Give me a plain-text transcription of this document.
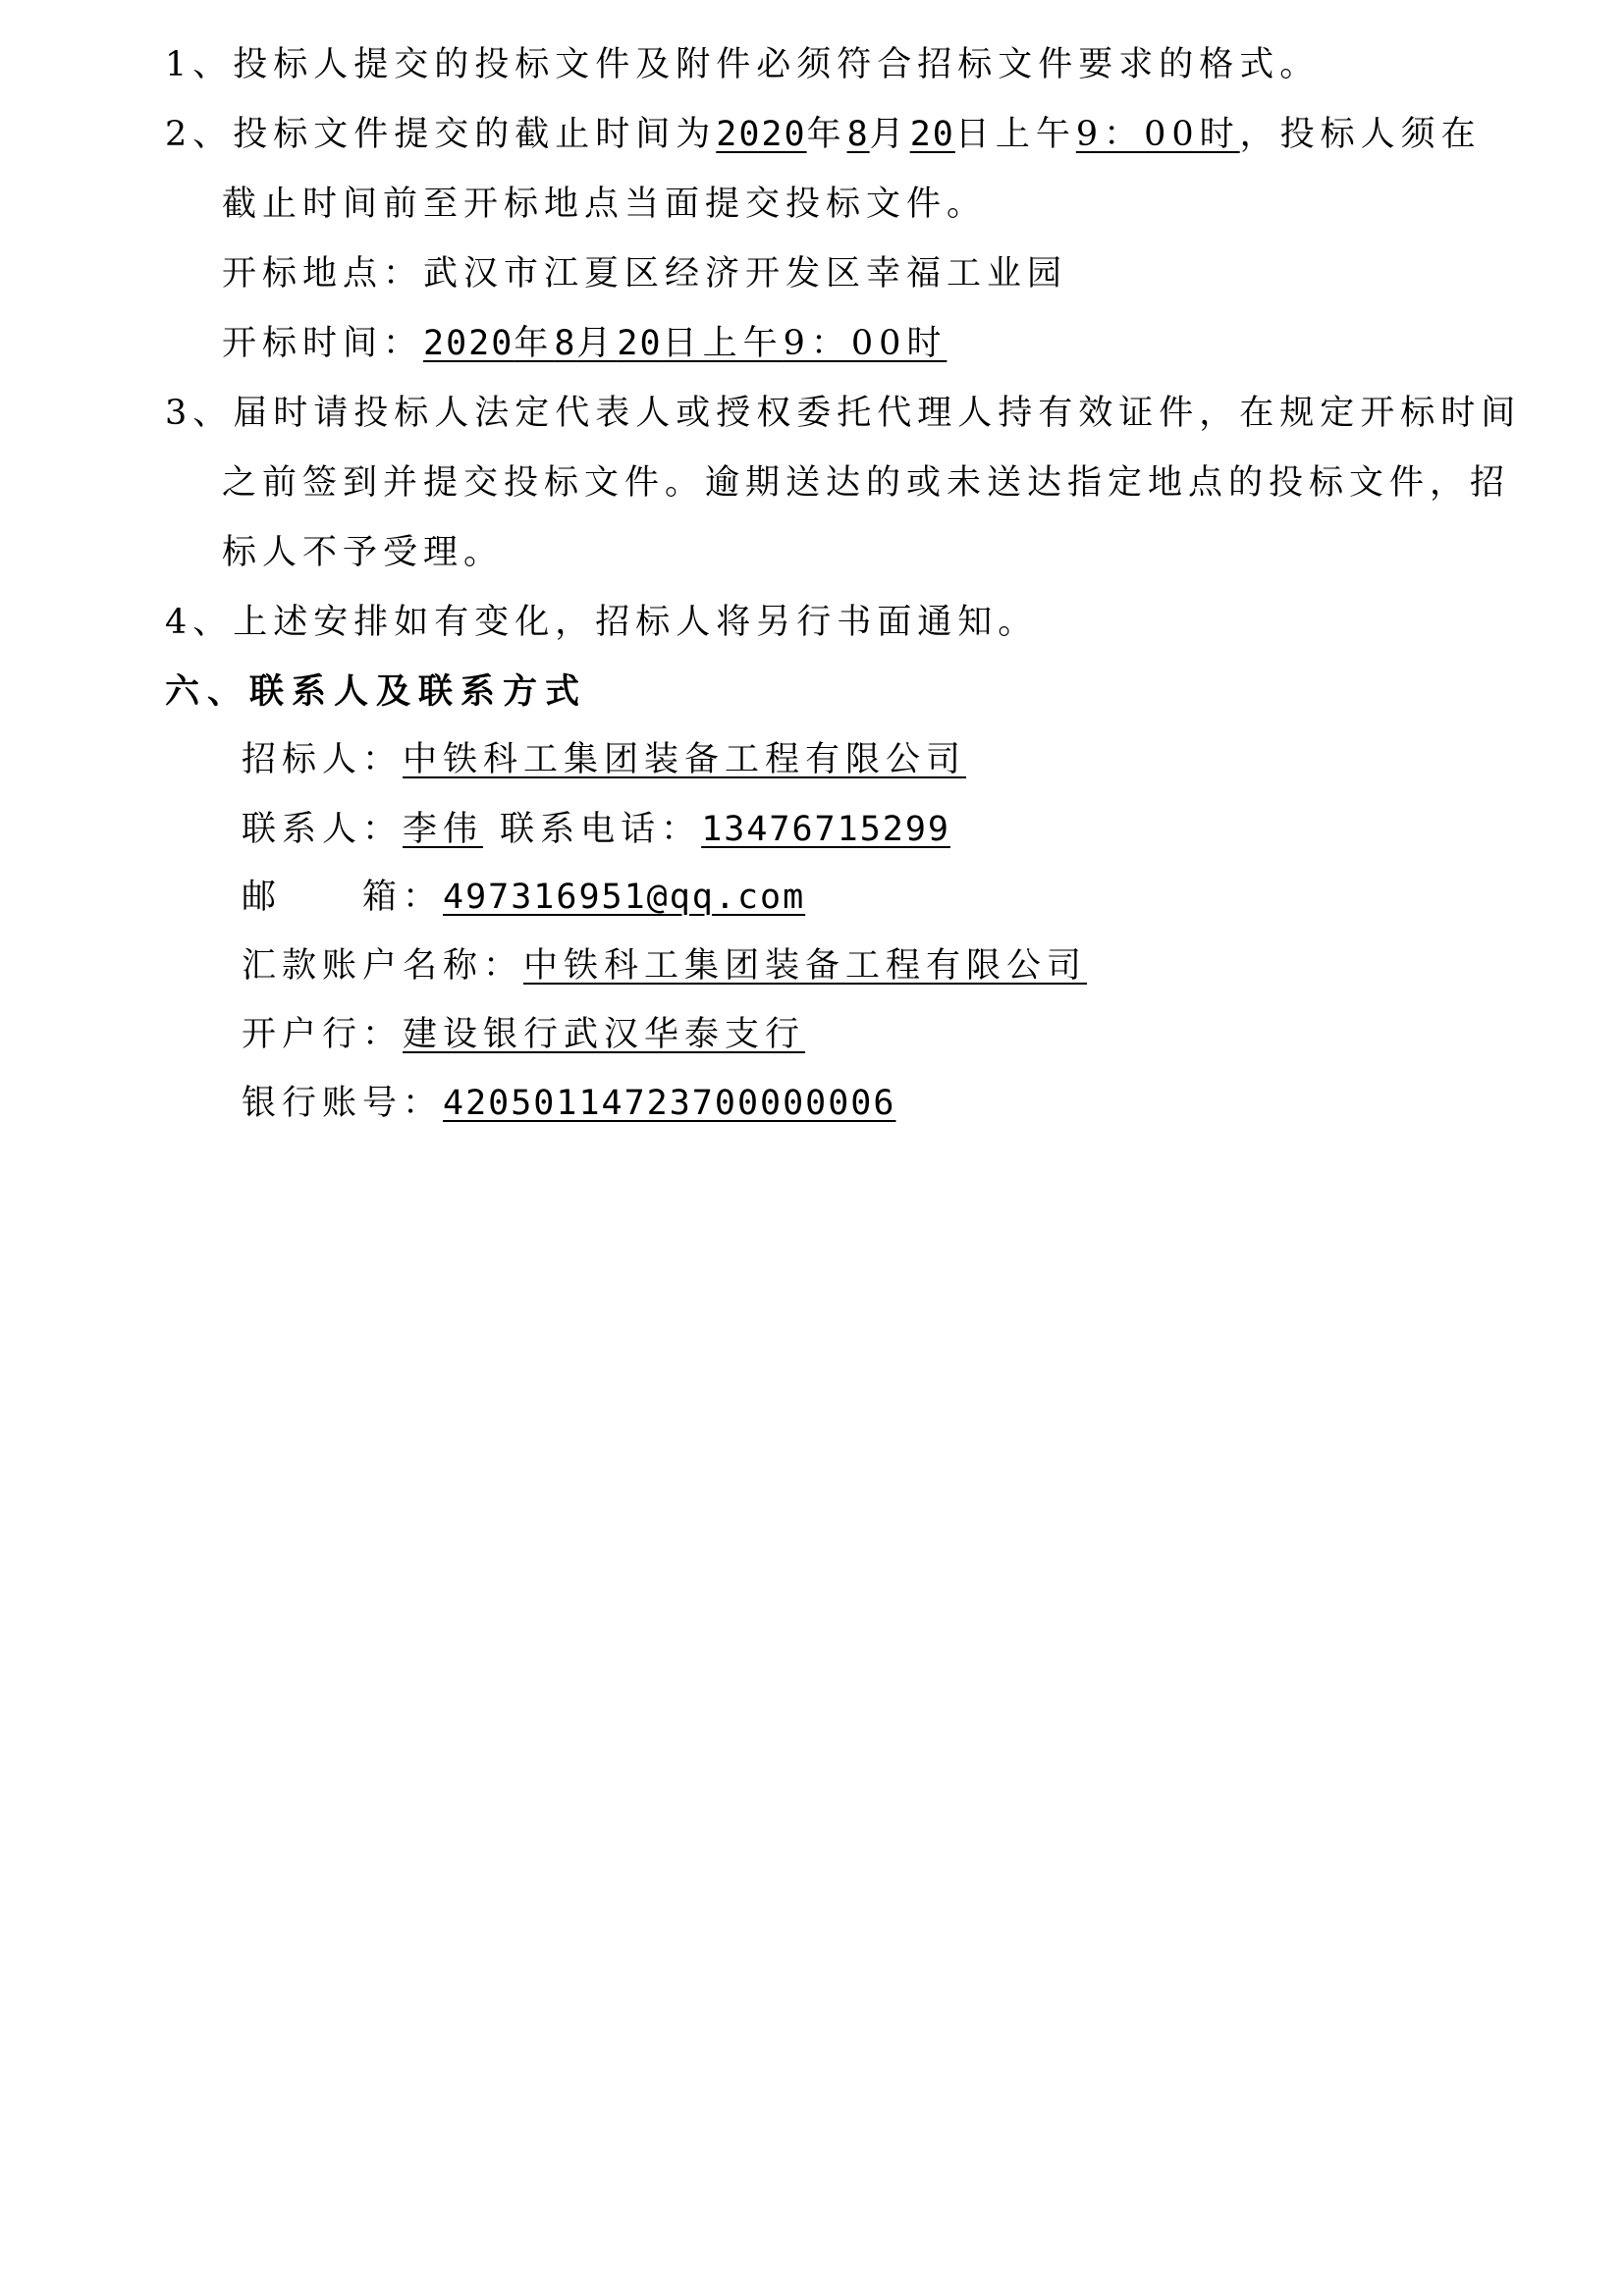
1、投标人提交的投标文件及附件必须符合招标文件要求的格式。
2、投标文件提交的截止时间为2020年8月20日上午9：00时，投标人须在
截止时间前至开标地点当面提交投标文件。
开标地点：武汉市江夏区经济开发区幸福工业园
开标时间：2020年8月20日上午9：00时
3、届时请投标人法定代表人或授权委托代理人持有效证件，在规定开标时间
之前签到并提交投标文件。逾期送达的或未送达指定地点的投标文件，招
标人不予受理。
4、上述安排如有变化，招标人将另行书面通知。
六、联系人及联系方式
招标人：中铁科工集团装备工程有限公司
联系人：李伟 联系电话：13476715299
邮　　箱：497316951@qq.com
汇款账户名称：中铁科工集团装备工程有限公司
开户行：建设银行武汉华泰支行
银行账号：42050114723700000006
